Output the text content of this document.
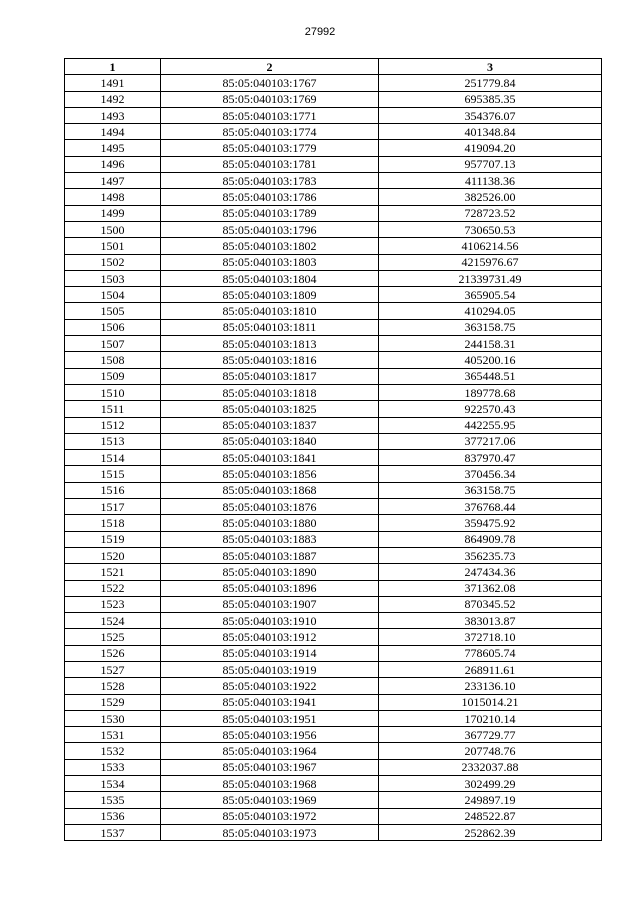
27992
1	2	3
1491	85:05:040103:1767	251779.84
1492	85:05:040103:1769	695385.35
1493	85:05:040103:1771	354376.07
1494	85:05:040103:1774	401348.84
1495	85:05:040103:1779	419094.20
1496	85:05:040103:1781	957707.13
1497	85:05:040103:1783	411138.36
1498	85:05:040103:1786	382526.00
1499	85:05:040103:1789	728723.52
1500	85:05:040103:1796	730650.53
1501	85:05:040103:1802	4106214.56
1502	85:05:040103:1803	4215976.67
1503	85:05:040103:1804	21339731.49
1504	85:05:040103:1809	365905.54
1505	85:05:040103:1810	410294.05
1506	85:05:040103:1811	363158.75
1507	85:05:040103:1813	244158.31
1508	85:05:040103:1816	405200.16
1509	85:05:040103:1817	365448.51
1510	85:05:040103:1818	189778.68
1511	85:05:040103:1825	922570.43
1512	85:05:040103:1837	442255.95
1513	85:05:040103:1840	377217.06
1514	85:05:040103:1841	837970.47
1515	85:05:040103:1856	370456.34
1516	85:05:040103:1868	363158.75
1517	85:05:040103:1876	376768.44
1518	85:05:040103:1880	359475.92
1519	85:05:040103:1883	864909.78
1520	85:05:040103:1887	356235.73
1521	85:05:040103:1890	247434.36
1522	85:05:040103:1896	371362.08
1523	85:05:040103:1907	870345.52
1524	85:05:040103:1910	383013.87
1525	85:05:040103:1912	372718.10
1526	85:05:040103:1914	778605.74
1527	85:05:040103:1919	268911.61
1528	85:05:040103:1922	233136.10
1529	85:05:040103:1941	1015014.21
1530	85:05:040103:1951	170210.14
1531	85:05:040103:1956	367729.77
1532	85:05:040103:1964	207748.76
1533	85:05:040103:1967	2332037.88
1534	85:05:040103:1968	302499.29
1535	85:05:040103:1969	249897.19
1536	85:05:040103:1972	248522.87
1537	85:05:040103:1973	252862.39
